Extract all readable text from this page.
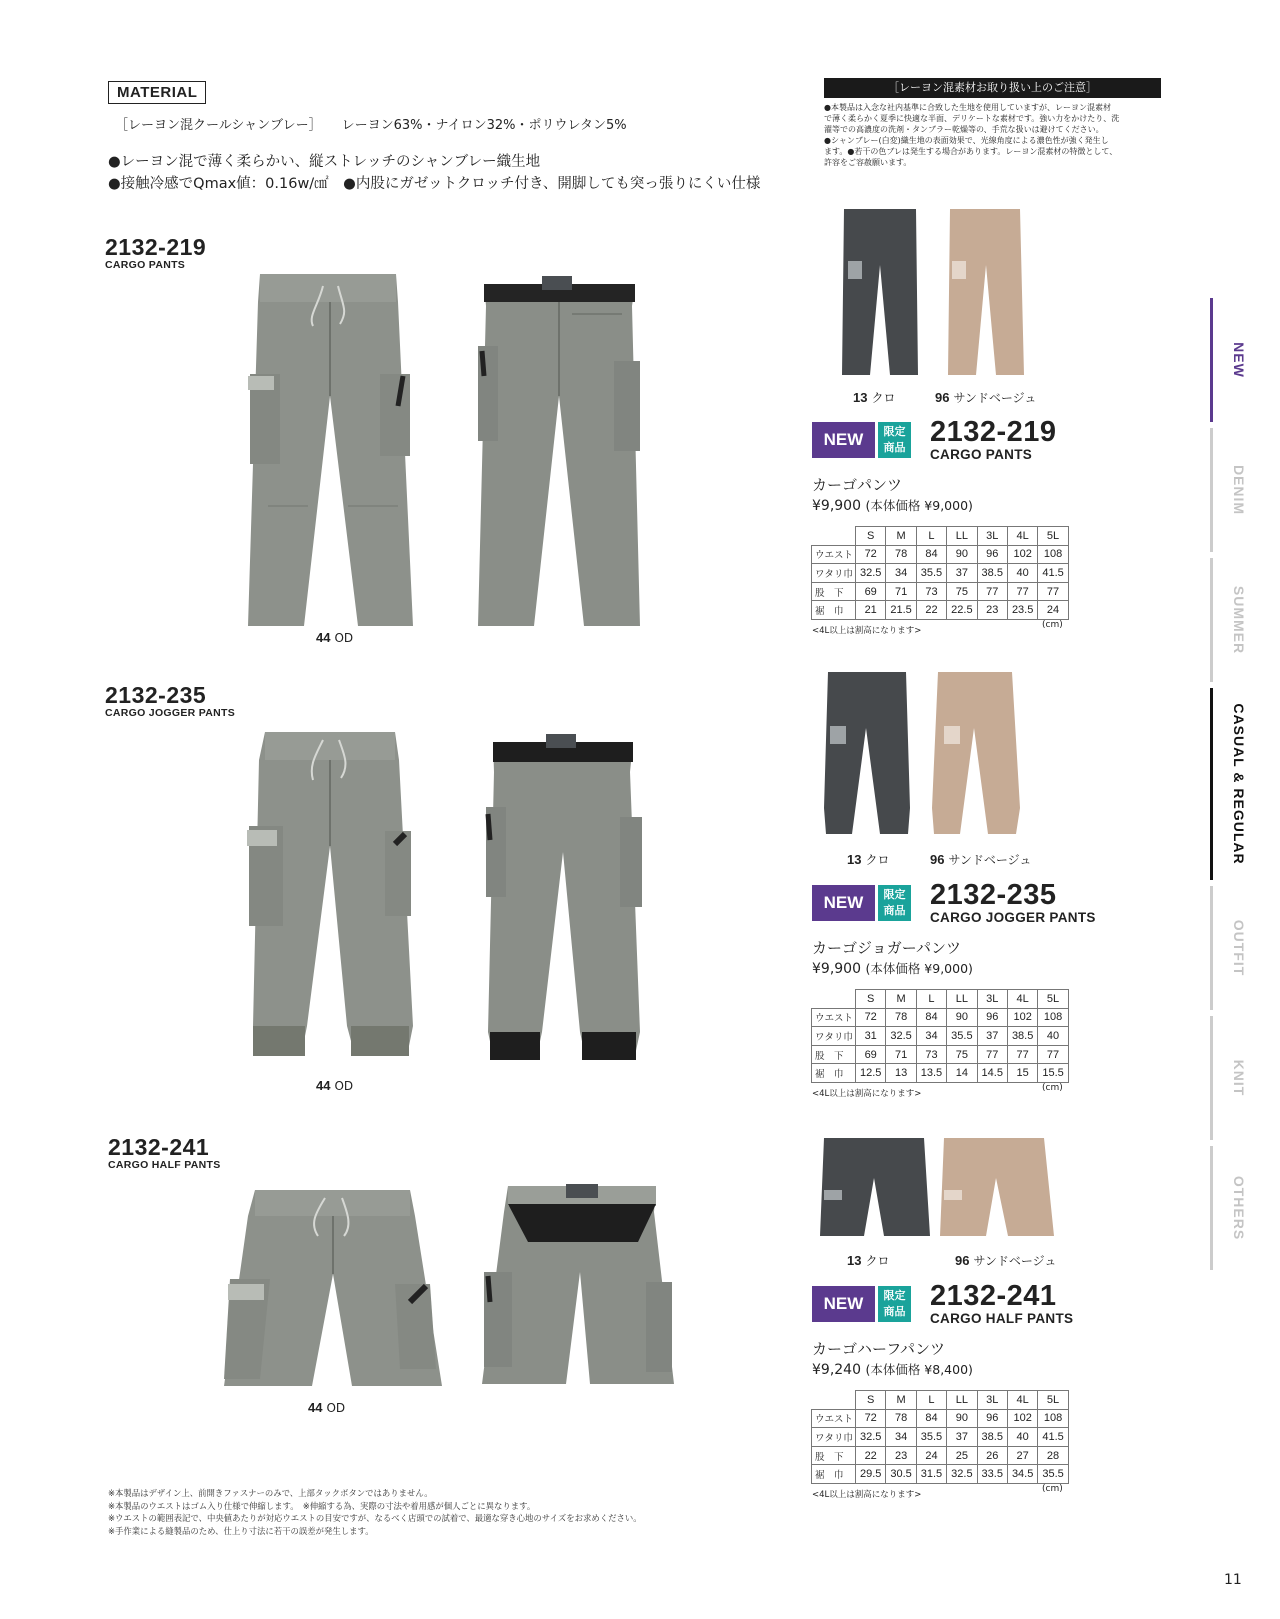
MATERIAL
［レーヨン混クールシャンブレー］ レーヨン63%・ナイロン32%・ポリウレタン5%
●レーヨン混で薄く柔らかい、縦ストレッチのシャンブレー織生地
●接触冷感でQmax値：0.16w/㎠　●内股にガゼットクロッチ付き、開脚しても突っ張りにくい仕様
2132-219
CARGO PANTS
44 OD
2132-235
CARGO JOGGER PANTS
44 OD
2132-241
CARGO HALF PANTS
44 OD
※本製品はデザイン上、前開きファスナーのみで、上部タックボタンではありません。
※本製品のウエストはゴム入り仕様で伸縮します。　※伸縮する為、実際の寸法や着用感が個人ごとに異なります。
※ウエストの範囲表記で、中央値あたりが対応ウエストの目安ですが、なるべく店頭での試着で、最適な穿き心地のサイズをお求めください。
※手作業による縫製品のため、仕上り寸法に若干の誤差が発生します。
［レーヨン混素材お取り扱い上のご注意］
●本製品は入念な社内基準に合致した生地を使用していますが、レーヨン混素材
で薄く柔らかく夏季に快適な半面、デリケートな素材です。強い力をかけたり、洗
濯等での高濃度の洗剤・タンブラー乾燥等の、手荒な扱いは避けてください。
●シャンブレー(白変)織生地の表面効果で、光線角度による濃色性が強く発生し
ます。●若干の色ブレは発生する場合があります。レーヨン混素材の特徴として、
許容をご容赦願います。
13 クロ	96 サンドベージュ
NEW	限定
商品 2132-219
CARGO PANTS
カーゴパンツ
¥9,900 (本体価格 ¥9,000)
	S	M	L	LL	3L	4L	5L
ウエスト	72	78	84	90	96	102	108
ワタリ巾	32.5	34	35.5	37	38.5	40	41.5
股　下	69	71	73	75	77	77	77
裾　巾	21	21.5	22	22.5	23	23.5	24
<4L以上は割高になります>
(cm)
13 クロ	96 サンドベージュ
NEW	限定
商品 2132-235
CARGO JOGGER PANTS
カーゴジョガーパンツ
¥9,900 (本体価格 ¥9,000)
	S	M	L	LL	3L	4L	5L
ウエスト	72	78	84	90	96	102	108
ワタリ巾	31	32.5	34	35.5	37	38.5	40
股　下	69	71	73	75	77	77	77
裾　巾	12.5	13	13.5	14	14.5	15	15.5
<4L以上は割高になります>
(cm)
13 クロ	96 サンドベージュ
NEW	限定
商品 2132-241
CARGO HALF PANTS
カーゴハーフパンツ
¥9,240 (本体価格 ¥8,400)
	S	M	L	LL	3L	4L	5L
ウエスト	72	78	84	90	96	102	108
ワタリ巾	32.5	34	35.5	37	38.5	40	41.5
股　下	22	23	24	25	26	27	28
裾　巾	29.5	30.5	31.5	32.5	33.5	34.5	35.5
<4L以上は割高になります>
(cm)
NEW
DENIM
SUMMER
CASUAL & REGULAR
OUTFIT
KNIT
OTHERS
11
